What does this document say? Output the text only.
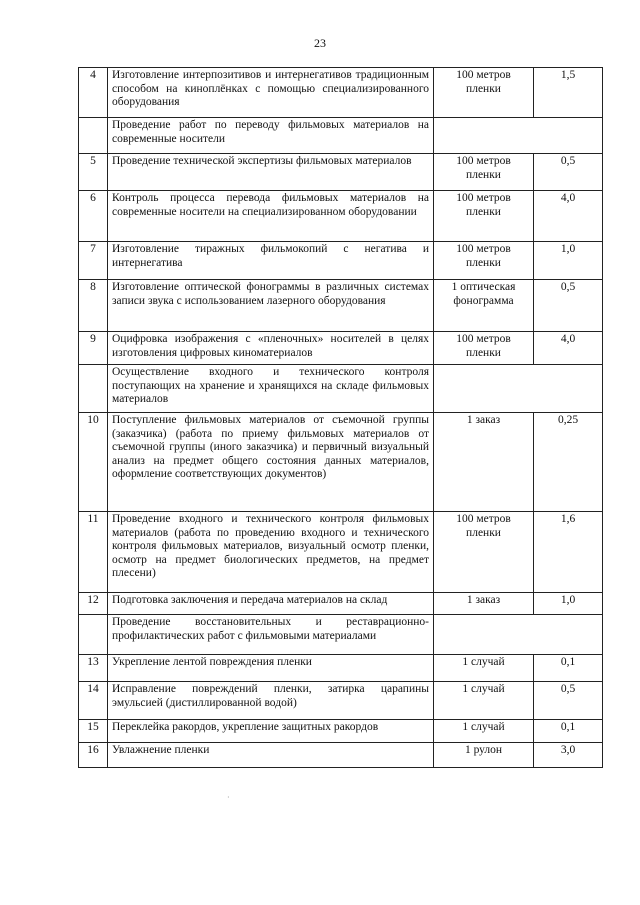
23
4	Изготовление интерпозитивов и интернегативов традиционным способом на киноплёнках с помощью специализированного оборудования	100 метров пленки	1,5
	Проведение работ по переводу фильмовых материалов на современные носители		
5	Проведение технической экспертизы фильмовых материалов	100 метров пленки	0,5
6	Контроль процесса перевода фильмовых материалов на современные носители на специализированном оборудовании	100 метров пленки	4,0
7	Изготовление тиражных фильмокопий с негатива и интернегатива	100 метров пленки	1,0
8	Изготовление оптической фонограммы в различных системах записи звука с использованием лазерного оборудования	1 оптическая фонограмма	0,5
9	Оцифровка изображения с «пленочных» носителей в целях изготовления цифровых киноматериалов	100 метров пленки	4,0
	Осуществление входного и технического контроля поступающих на хранение и хранящихся на складе фильмовых материалов		
10	Поступление фильмовых материалов от съемочной группы (заказчика) (работа по приему фильмовых материалов от съемочной группы (иного заказчика) и первичный визуальный анализ на предмет общего состояния данных материалов, оформление соответствующих документов)	1 заказ	0,25
11	Проведение входного и технического контроля фильмовых материалов (работа по проведению входного и технического контроля фильмовых материалов, визуальный осмотр пленки, осмотр на предмет биологических предметов, на предмет плесени)	100 метров пленки	1,6
12	Подготовка заключения и передача материалов на склад	1 заказ	1,0
	Проведение восстановительных и реставрационно-профилактических работ с фильмовыми материалами		
13	Укрепление лентой повреждения пленки	1 случай	0,1
14	Исправление повреждений пленки, затирка царапины эмульсией (дистиллированной водой)	1 случай	0,5
15	Переклейка ракордов, укрепление защитных ракордов	1 случай	0,1
16	Увлажнение пленки	1 рулон	3,0
·
